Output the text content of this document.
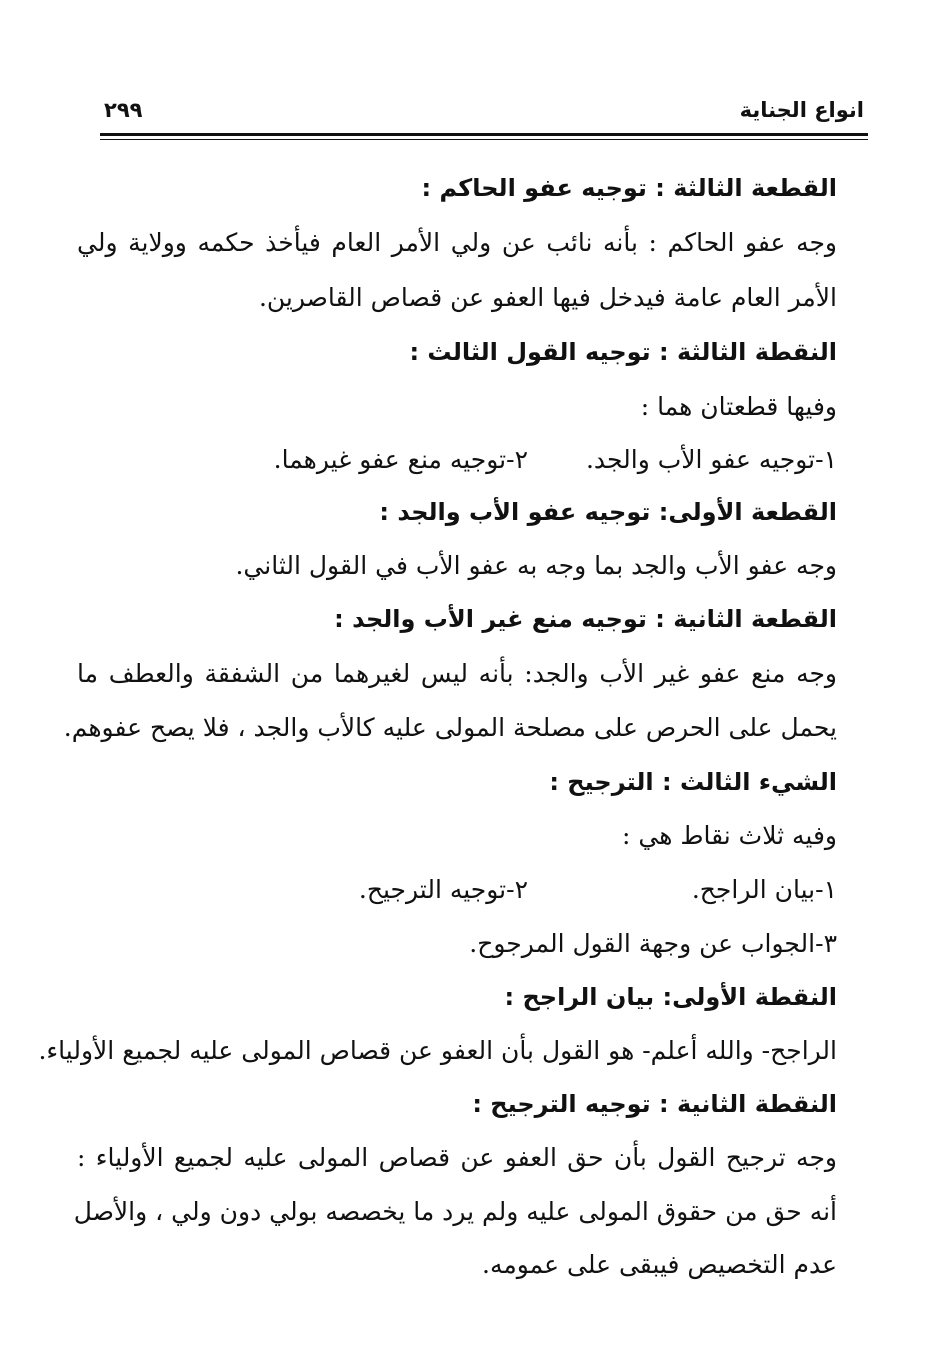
انواع الجناية
٢٩٩
القطعة الثالثة : توجيه عفو الحاكم :
وجه عفو الحاكم : بأنه نائب عن ولي الأمر العام فيأخذ حكمه وولاية ولي
الأمر العام عامة فيدخل فيها العفو عن قصاص القاصرين.
النقطة الثالثة : توجيه القول الثالث :
وفيها قطعتان هما :
١-توجيه عفو الأب والجد.
٢-توجيه منع عفو غيرهما.
القطعة الأولى: توجيه عفو الأب والجد :
وجه عفو الأب والجد بما وجه به عفو الأب في القول الثاني.
القطعة الثانية : توجيه منع غير الأب والجد :
وجه منع عفو غير الأب والجد: بأنه ليس لغيرهما من الشفقة والعطف ما
يحمل على الحرص على مصلحة المولى عليه كالأب والجد ، فلا يصح عفوهم.
الشيء الثالث : الترجيح :
وفيه ثلاث نقاط هي :
١-بيان الراجح.
٢-توجيه الترجيح.
٣-الجواب عن وجهة القول المرجوح.
النقطة الأولى: بيان الراجح :
الراجح- والله أعلم- هو القول بأن العفو عن قصاص المولى عليه لجميع الأولياء.
النقطة الثانية : توجيه الترجيح :
وجه ترجيح القول بأن حق العفو عن قصاص المولى عليه لجميع الأولياء :
أنه حق من حقوق المولى عليه ولم يرد ما يخصصه بولي دون ولي ، والأصل
عدم التخصيص فيبقى على عمومه.
